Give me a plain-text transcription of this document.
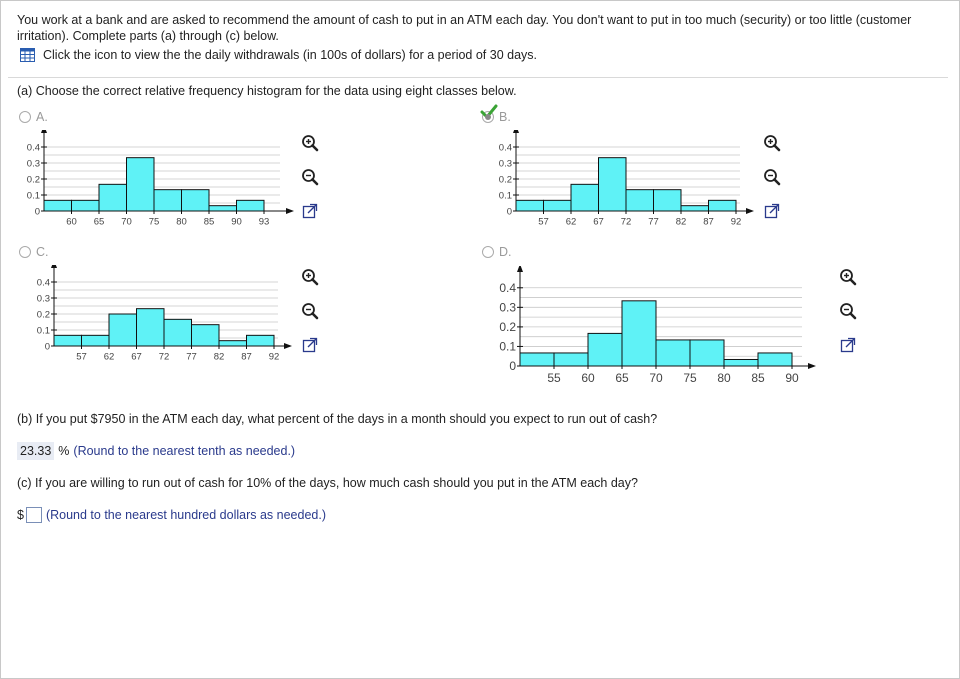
You work at a bank and are asked to recommend the amount of cash to put in an ATM each day. You don't want to put in too much (security) or too little (customer irritation). Complete parts (a) through (c) below.
Click the icon to view the the daily withdrawals (in 100s of dollars) for a period of 30 days.
(a) Choose the correct relative frequency histogram for the data using eight classes below.
A.	B.
C.	D.
0.4
0.3
0.2
0.1
0
60 65 70 75 80 85 90 93
0.4
0.3
0.2
0.1
0
57 62 67 72 77 82 87 92
0.4
0.3
0.2
0.1
0
57 62 67 72 77 82 87 92
0.4
0.3
0.2
0.1
0
55 60 65 70 75 80 85 90
(b) If you put $7950 in the ATM each day, what percent of the days in a month should you expect to run out of cash?
23.33 % (Round to the nearest tenth as needed.)
(c) If you are willing to run out of cash for 10% of the days, how much cash should you put in the ATM each day?
$ (Round to the nearest hundred dollars as needed.)
